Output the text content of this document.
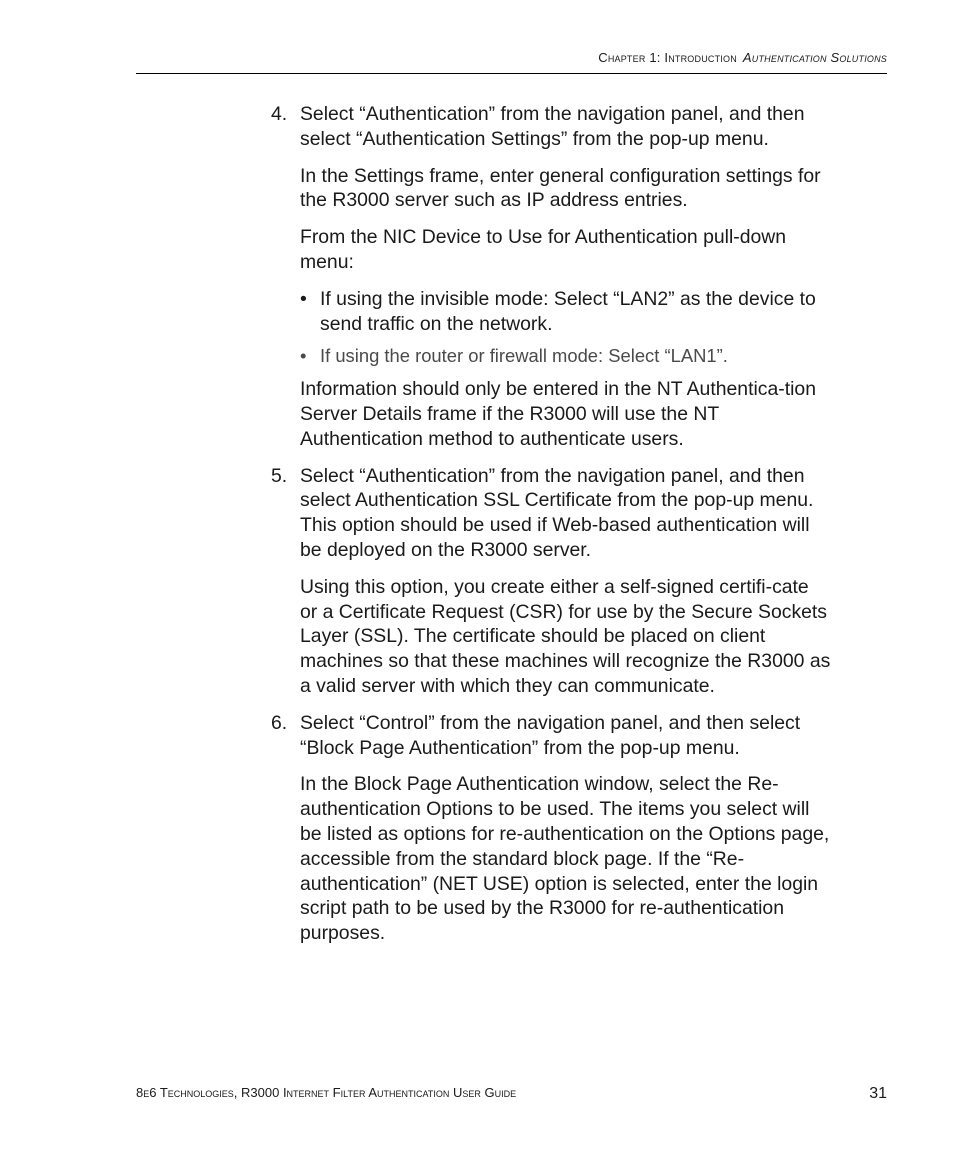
Chapter 1: Introduction Authentication Solutions
4. Select “Authentication” from the navigation panel, and then select “Authentication Settings” from the pop-up menu.

In the Settings frame, enter general configuration settings for the R3000 server such as IP address entries.

From the NIC Device to Use for Authentication pull-down menu:

• If using the invisible mode: Select “LAN2” as the device to send traffic on the network.
• If using the router or firewall mode: Select “LAN1”.

Information should only be entered in the NT Authentica-tion Server Details frame if the R3000 will use the NT Authentication method to authenticate users.

5. Select “Authentication” from the navigation panel, and then select Authentication SSL Certificate from the pop-up menu. This option should be used if Web-based authentication will be deployed on the R3000 server.

Using this option, you create either a self-signed certifi-cate or a Certificate Request (CSR) for use by the Secure Sockets Layer (SSL). The certificate should be placed on client machines so that these machines will recognize the R3000 as a valid server with which they can communicate.

6. Select “Control” from the navigation panel, and then select “Block Page Authentication” from the pop-up menu.

In the Block Page Authentication window, select the Re-authentication Options to be used. The items you select will be listed as options for re-authentication on the Options page, accessible from the standard block page. If the “Re-authentication” (NET USE) option is selected, enter the login script path to be used by the R3000 for re-authentication purposes.

8e6 Technologies, R3000 Internet Filter Authentication User Guide	31
